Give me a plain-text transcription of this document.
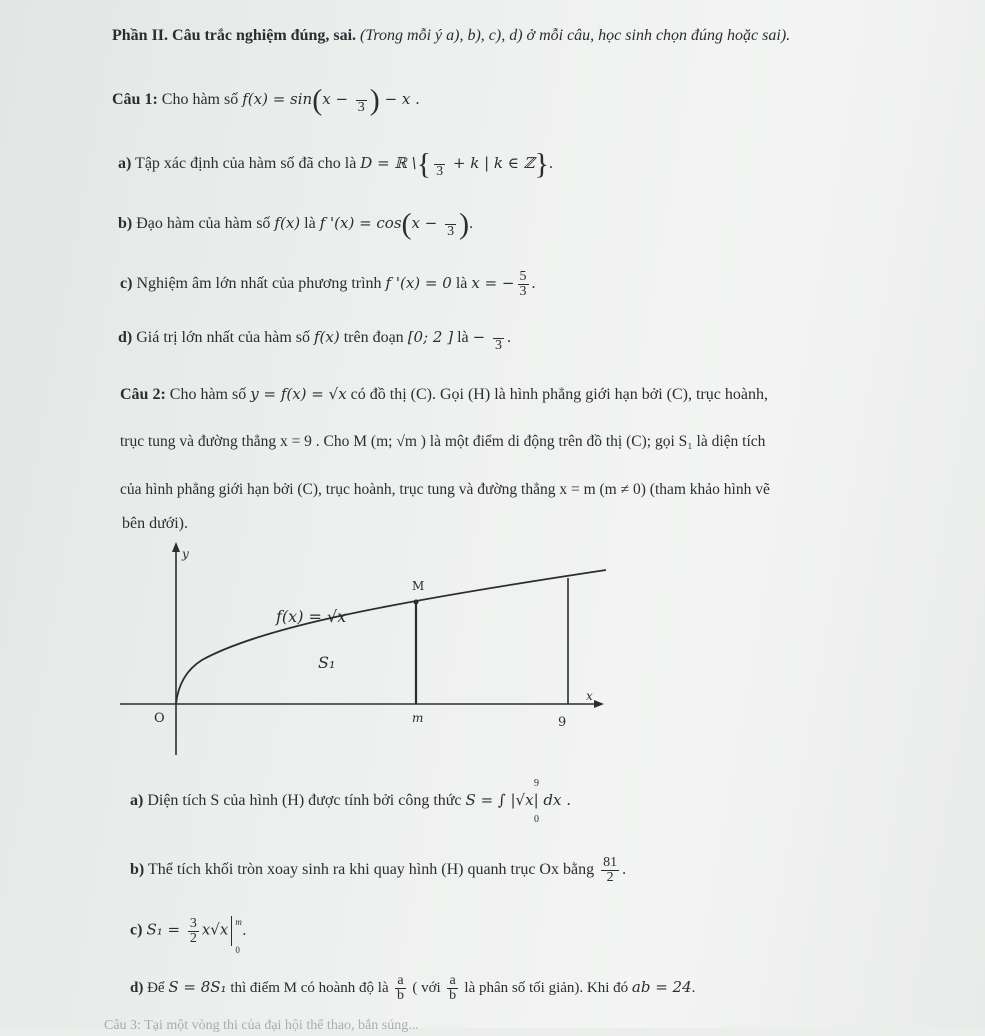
Phần II. Câu trắc nghiệm đúng, sai. (Trong mỗi ý a), b), c), d) ở mỗi câu, học sinh chọn đúng hoặc sai).
Câu 1: Cho hàm số f(x) = sin(x −
3 ) − x .
a) Tập xác định của hàm số đã cho là D = ℝ \{
3 + k | k ∈ ℤ}.
b) Đạo hàm của hàm số f(x) là f '(x) = cos(x −
3 ).
c) Nghiệm âm lớn nhất của phương trình f '(x) = 0 là x = − $\frac{5}{3}$ .
d) Giá trị lớn nhất của hàm số f(x) trên đoạn [0; 2 ] là −
3 .
Câu 2: Cho hàm số y = f(x) = √x có đồ thị (C). Gọi (H) là hình phẳng giới hạn bởi (C), trục hoành,
trục tung và đường thẳng x = 9 . Cho M (m; √m ) là một điểm di động trên đồ thị (C); gọi S₁ là diện tích
của hình phẳng giới hạn bởi (C), trục hoành, trục tung và đường thẳng x = m (m ≠ 0) (tham khảo hình vẽ
bên dưới).
y
x
O
f(x) = √x
M
S₁
m	9
a) Diện tích S của hình (H) được tính bởi công thức S = ∫ |√x| dx .
9
0
b) Thể tích khối tròn xoay sinh ra khi quay hình (H) quanh trục Ox bằng $\frac{81}{2}$ .
c) $S_1 = \frac{3}{2} x√x$ m
0
.
d) Để S = 8S₁ thì điểm M có hoành độ là $\frac{a}{b}$ ( với $\frac{a}{b}$ là phân số tối giản). Khi đó ab = 24.
Câu 3: Tại một vòng thi của đại hội thể thao, bắn súng...
